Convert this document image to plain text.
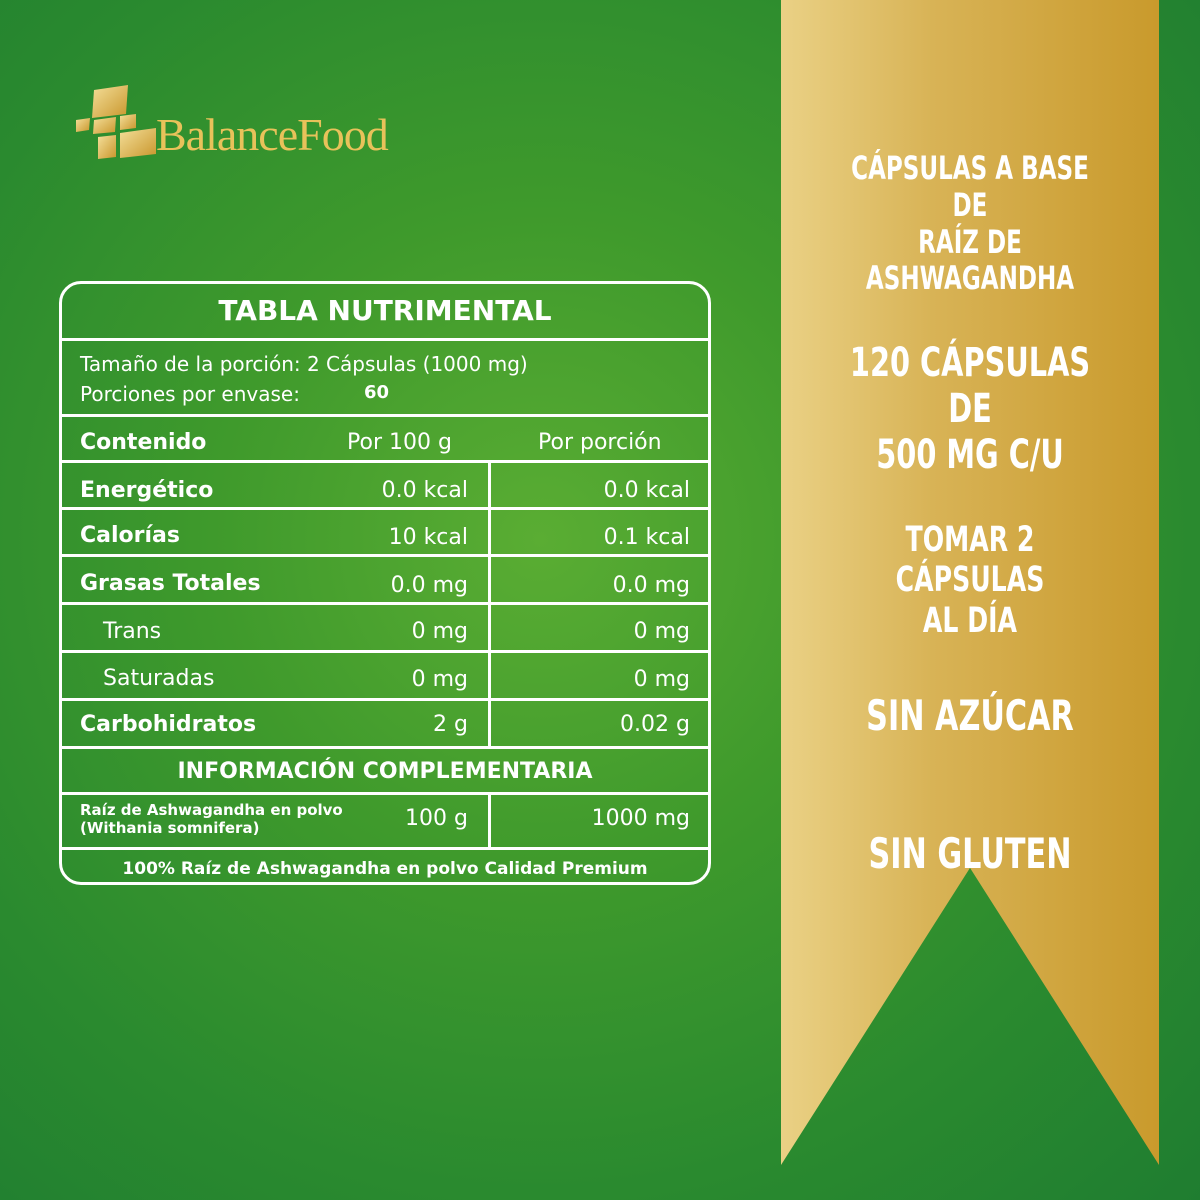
BalanceFood
TABLA NUTRIMENTAL
Tamaño de la porción: 2 Cápsulas (1000 mg)
Porciones por envase:	60
Contenido	Por 100 g	Por porción
Energético	0.0 kcal	0.0 kcal
Calorías	10 kcal	0.1 kcal
Grasas Totales	0.0 mg	0.0 mg
Trans	0 mg	0 mg
Saturadas	0 mg	0 mg
Carbohidratos	2 g	0.02 g
INFORMACIÓN COMPLEMENTARIA
Raíz de Ashwagandha en polvo
(Withania somnifera)	100 g	1000 mg
100% Raíz de Ashwagandha en polvo Calidad Premium
CÁPSULAS A BASE DE
RAÍZ DE ASHWAGANDHA
120 CÁPSULAS DE
500 MG C/U
TOMAR 2 CÁPSULAS
AL DÍA
SIN AZÚCAR
SIN GLUTEN
